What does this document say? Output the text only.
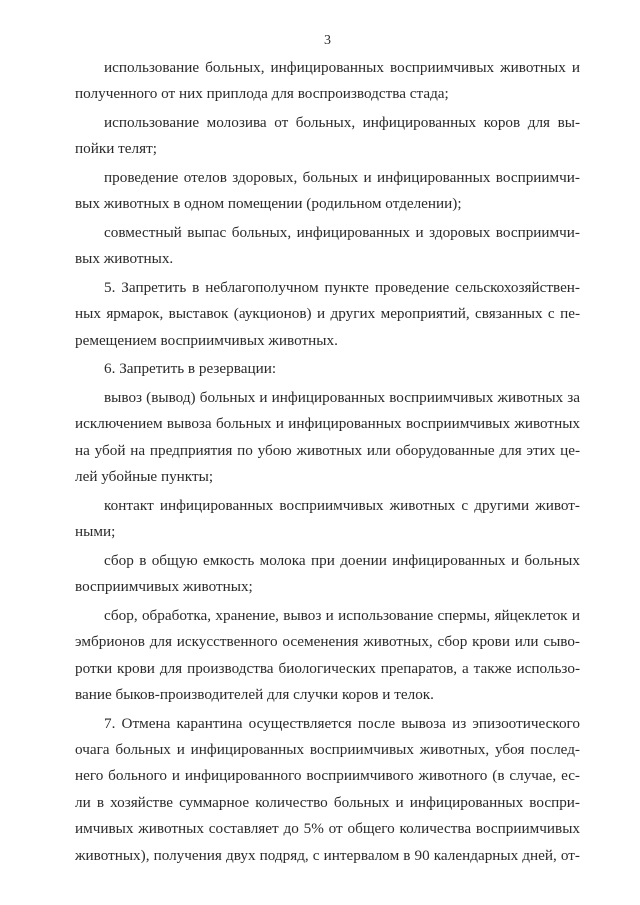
3
использование больных, инфицированных восприимчивых животных и
полученного от них приплода для воспроизводства стада;
использование молозива от больных, инфицированных коров для вы-
пойки телят;
проведение отелов здоровых, больных и инфицированных восприимчи-
вых животных в одном помещении (родильном отделении);
совместный выпас больных, инфицированных и здоровых восприимчи-
вых животных.
5. Запретить в неблагополучном пункте проведение сельскохозяйствен-
ных ярмарок, выставок (аукционов) и других мероприятий, связанных с пе-
ремещением восприимчивых животных.
6. Запретить в резервации:
вывоз (вывод) больных и инфицированных восприимчивых животных за
исключением вывоза больных и инфицированных восприимчивых животных
на убой на предприятия по убою животных или оборудованные для этих це-
лей убойные пункты;
контакт инфицированных восприимчивых животных с другими живот-
ными;
сбор в общую емкость молока при доении инфицированных и больных
восприимчивых животных;
сбор, обработка, хранение, вывоз и использование спермы, яйцеклеток и
эмбрионов для искусственного осеменения животных, сбор крови или сыво-
ротки крови для производства биологических препаратов, а также использо-
вание быков-производителей для случки коров и телок.
7. Отмена карантина осуществляется после вывоза из эпизоотического
очага больных и инфицированных восприимчивых животных, убоя послед-
него больного и инфицированного восприимчивого животного (в случае, ес-
ли в хозяйстве суммарное количество больных и инфицированных воспри-
имчивых животных составляет до 5% от общего количества восприимчивых
животных), получения двух подряд, с интервалом в 90 календарных дней, от-
